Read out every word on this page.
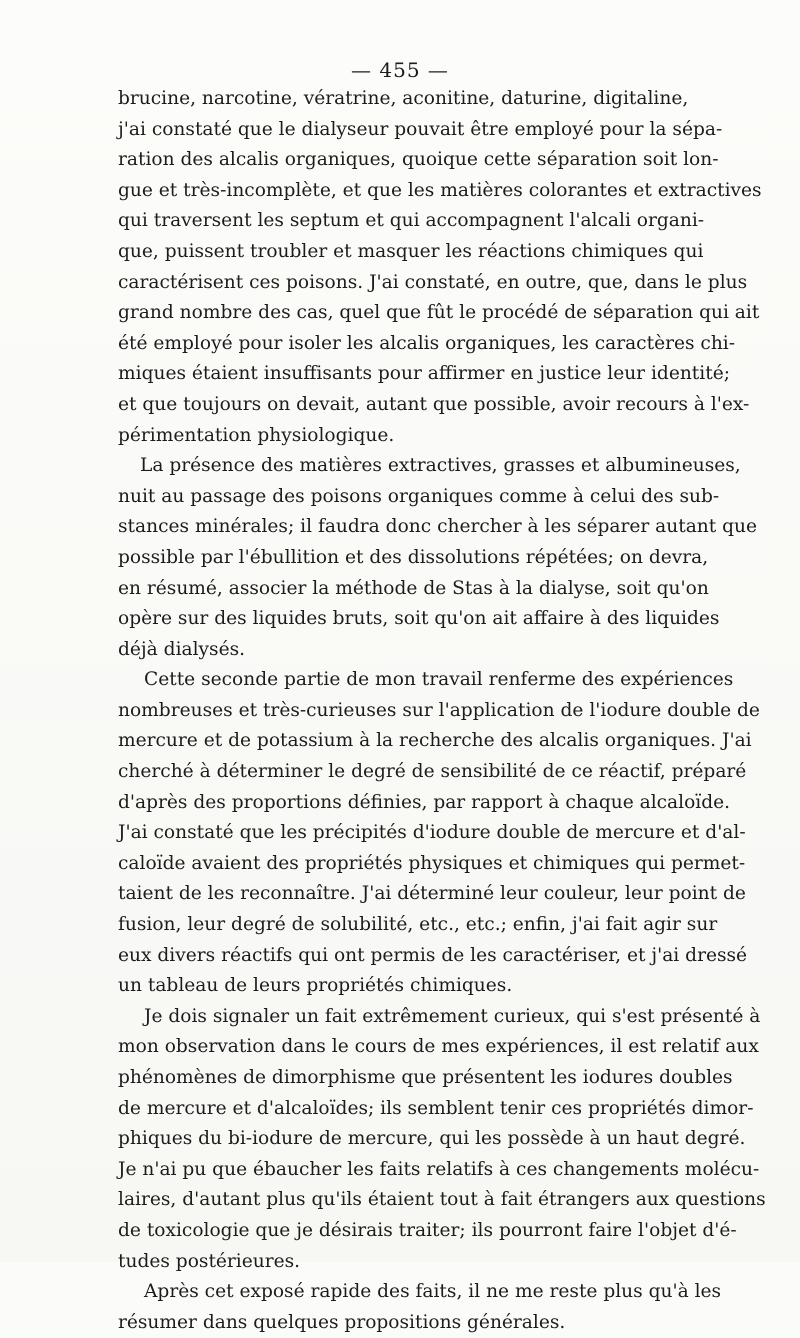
— 455 —
brucine, narcotine, vératrine, aconitine, daturine, digitaline,
j'ai constaté que le dialyseur pouvait être employé pour la sépa-
ration des alcalis organiques, quoique cette séparation soit lon-
gue et très-incomplète, et que les matières colorantes et extractives
qui traversent les septum et qui accompagnent l'alcali organi-
que, puissent troubler et masquer les réactions chimiques qui
caractérisent ces poisons. J'ai constaté, en outre, que, dans le plus
grand nombre des cas, quel que fût le procédé de séparation qui ait
été employé pour isoler les alcalis organiques, les caractères chi-
miques étaient insuffisants pour affirmer en justice leur identité;
et que toujours on devait, autant que possible, avoir recours à l'ex-
périmentation physiologique.
La présence des matières extractives, grasses et albumineuses,
nuit au passage des poisons organiques comme à celui des sub-
stances minérales; il faudra donc chercher à les séparer autant que
possible par l'ébullition et des dissolutions répétées; on devra,
en résumé, associer la méthode de Stas à la dialyse, soit qu'on
opère sur des liquides bruts, soit qu'on ait affaire à des liquides
déjà dialysés.
Cette seconde partie de mon travail renferme des expériences
nombreuses et très-curieuses sur l'application de l'iodure double de
mercure et de potassium à la recherche des alcalis organiques. J'ai
cherché à déterminer le degré de sensibilité de ce réactif, préparé
d'après des proportions définies, par rapport à chaque alcaloïde.
J'ai constaté que les précipités d'iodure double de mercure et d'al-
caloïde avaient des propriétés physiques et chimiques qui permet-
taient de les reconnaître. J'ai déterminé leur couleur, leur point de
fusion, leur degré de solubilité, etc., etc.; enfin, j'ai fait agir sur
eux divers réactifs qui ont permis de les caractériser, et j'ai dressé
un tableau de leurs propriétés chimiques.
Je dois signaler un fait extrêmement curieux, qui s'est présenté à
mon observation dans le cours de mes expériences, il est relatif aux
phénomènes de dimorphisme que présentent les iodures doubles
de mercure et d'alcaloïdes; ils semblent tenir ces propriétés dimor-
phiques du bi-iodure de mercure, qui les possède à un haut degré.
Je n'ai pu que ébaucher les faits relatifs à ces changements molécu-
laires, d'autant plus qu'ils étaient tout à fait étrangers aux questions
de toxicologie que je désirais traiter; ils pourront faire l'objet d'é-
tudes postérieures.
Après cet exposé rapide des faits, il ne me reste plus qu'à les
résumer dans quelques propositions générales.
